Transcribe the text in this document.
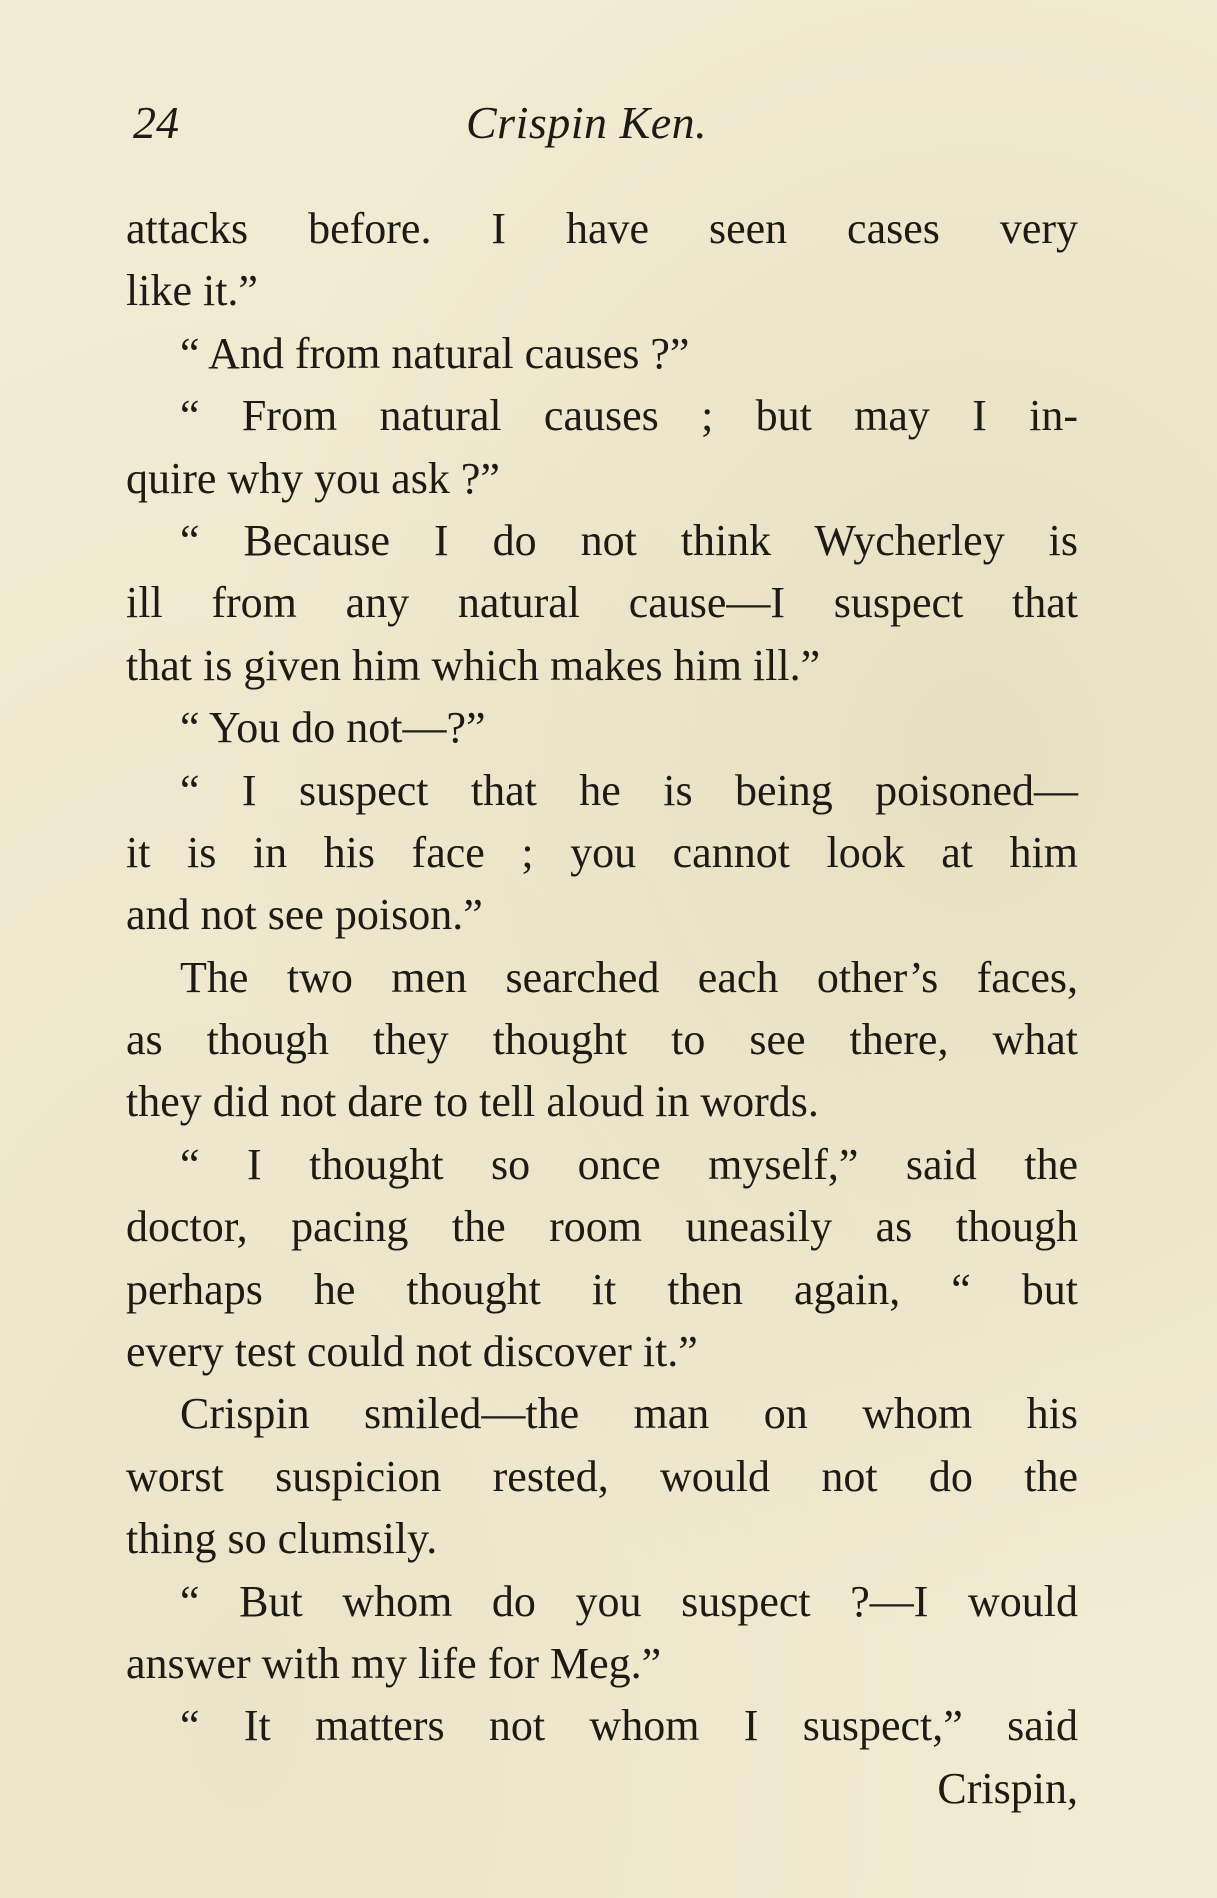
24	Crispin Ken.
attacks before. I have seen cases very
like it.”
“ And from natural causes ?”
“ From natural causes ; but may I in-
quire why you ask ?”
“ Because I do not think Wycherley is
ill from any natural cause—I suspect that
that is given him which makes him ill.”
“ You do not—?”
“ I suspect that he is being poisoned—
it is in his face ; you cannot look at him
and not see poison.”
The two men searched each other’s faces,
as though they thought to see there, what
they did not dare to tell aloud in words.
“ I thought so once myself,” said the
doctor, pacing the room uneasily as though
perhaps he thought it then again, “ but
every test could not discover it.”
Crispin smiled—the man on whom his
worst suspicion rested, would not do the
thing so clumsily.
“ But whom do you suspect ?—I would
answer with my life for Meg.”
“ It matters not whom I suspect,” said
Crispin,
